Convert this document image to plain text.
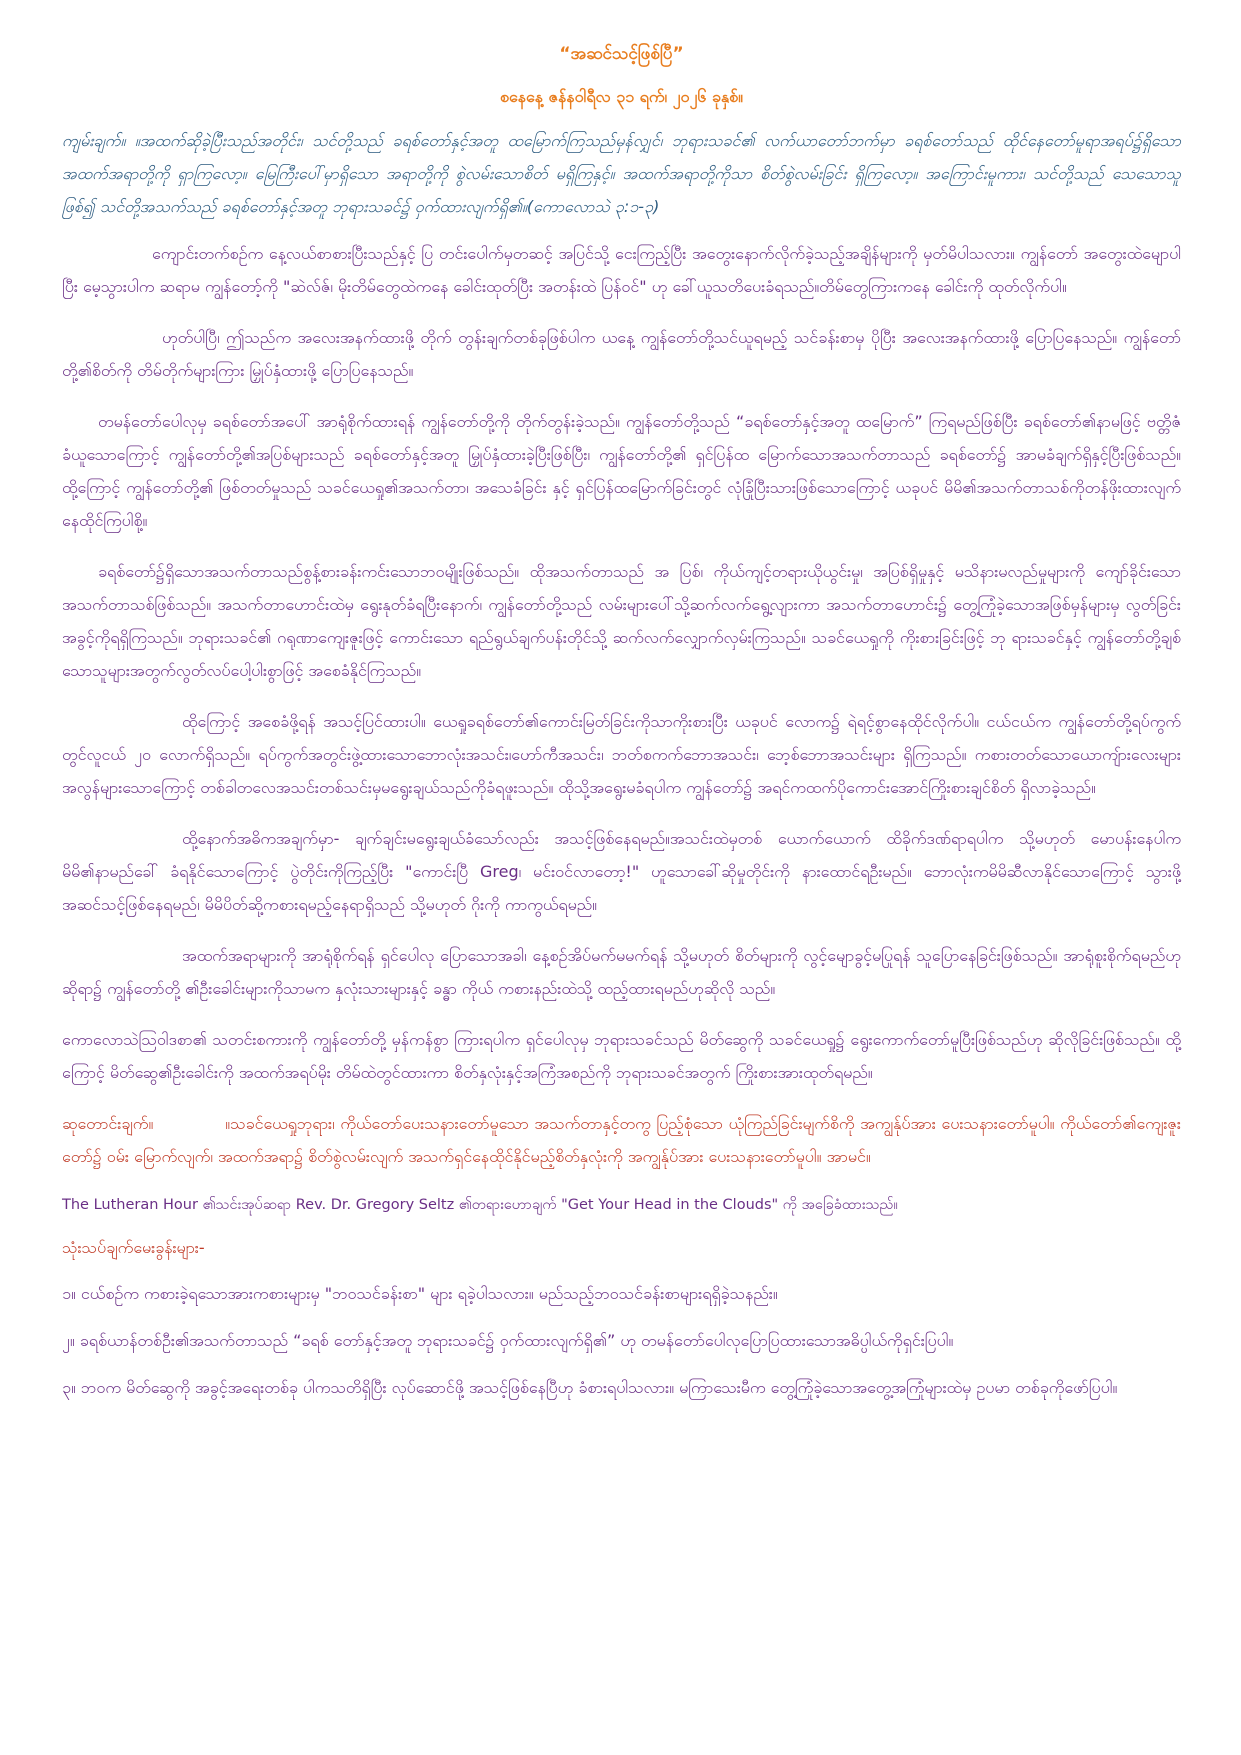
“အဆင်သင့်ဖြစ်ပြီ”
စနေနေ့ ဇန်နဝါရီလ ၃၁ ရက်၊ ၂၀၂၆ ခုနှစ်။

ကျမ်းချက်။ ။အထက်ဆိုခဲ့ပြီးသည်အတိုင်း၊ သင်တို့သည် ခရစ်တော်နှင့်အတူ ထမြောက်ကြသည်မှန်လျှင်၊ ဘုရားသခင်၏ လက်ယာတော်ဘက်မှာ ခရစ်တော်သည် ထိုင်နေတော်မူရာအရပ်၌ရှိသော အထက်အရာတို့ကို ရှာကြလော့။ မြေကြီးပေါ်မှာရှိသော အရာတို့ကို စွဲလမ်းသောစိတ် မရှိကြနှင့်။ အထက်အရာတို့ကိုသာ စိတ်စွဲလမ်းခြင်း ရှိကြလော့။ အကြောင်းမူကား၊ သင်တို့သည် သေသောသူဖြစ်၍ သင်တို့အသက်သည် ခရစ်တော်နှင့်အတူ ဘုရားသခင်၌ ဝှက်ထားလျက်ရှိ၏။(ကောလောသဲ ၃:၁-၃)

ကျောင်းတက်စဉ်က နေ့လယ်စာစားပြီးသည်နှင့် ပြ တင်းပေါက်မှတဆင့် အပြင်သို့ ငေးကြည့်ပြီး အတွေးနောက်လိုက်ခဲ့သည့်အချိန်များကို မှတ်မိပါသလား။ ကျွန်တော် အတွေးထဲမျောပါပြီး မေ့သွားပါက ဆရာမ ကျွန်တော့်ကို "ဆဲလ်ဇ်၊ မိုးတိမ်တွေထဲကနေ ခေါင်းထုတ်ပြီး အတန်းထဲ ပြန်ဝင်" ဟု ခေါ်ယူသတိပေးခံရသည်။တိမ်တွေကြားကနေ ခေါင်းကို ထုတ်လိုက်ပါ။

ဟုတ်ပါပြီ၊ ဤသည်က အလေးအနက်ထားဖို့ တိုက် တွန်းချက်တစ်ခုဖြစ်ပါက ယနေ့ ကျွန်တော်တို့သင်ယူရမည့် သင်ခန်းစာမှ ပိုပြီး အလေးအနက်ထားဖို့ ပြောပြနေသည်။ ကျွန်တော်တို့၏စိတ်ကို တိမ်တိုက်များကြား မြှုပ်နှံထားဖို့ ပြောပြနေသည်။

တမန်တော်ပေါလုမှ ခရစ်တော်အပေါ် အာရုံစိုက်ထားရန် ကျွန်တော်တို့ကို တိုက်တွန်းခဲ့သည်။ ကျွန်တော်တို့သည် “ခရစ်တော်နှင့်အတူ ထမြောက်” ကြရမည်ဖြစ်ပြီး ခရစ်တော်၏နာမဖြင့် ဗတ္တိဇံခံယူသောကြောင့် ကျွန်တော်တို့၏အပြစ်များသည် ခရစ်တော်နှင့်အတူ မြှုပ်နှံထားခဲ့ပြီးဖြစ်ပြီး၊ ကျွန်တော်တို့၏ ရှင်ပြန်ထ မြောက်သောအသက်တာသည် ခရစ်တော်၌ အာမခံချက်ရှိနှင့်ပြီးဖြစ်သည်။ ထို့ကြောင့် ကျွန်တော်တို့၏ ဖြစ်တတ်မှုသည် သခင်ယေရှု၏အသက်တာ၊ အသေခံခြင်း နှင့် ရှင်ပြန်ထမြောက်ခြင်းတွင် လုံခြုံပြီးသားဖြစ်သောကြောင့် ယခုပင် မိမိ၏အသက်တာသစ်ကိုတန်ဖိုးထားလျက် နေထိုင်ကြပါစို့။

ခရစ်တော်၌ရှိသောအသက်တာသည်စွန့်စားခန်းကင်းသောဘဝမျိုးဖြစ်သည်။ ထိုအသက်တာသည် အ ပြစ်၊ ကိုယ်ကျင့်တရားယိုယွင်းမှု၊ အပြစ်ရှိမှုနှင့် မသိနားမလည်မှုများကို ကျော်ခိုင်းသောအသက်တာသစ်ဖြစ်သည်။ အသက်တာဟောင်းထဲမှ ရွေးနုတ်ခံရပြီးနောက်၊ ကျွန်တော်တို့သည် လမ်းများပေါ်သို့ဆက်လက်ရွေ့လျားကာ အသက်တာဟောင်း၌ တွေ့ကြုံခဲ့သောအဖြစ်မှန်များမှ လွတ်ခြင်းအခွင့်ကိုရရှိကြသည်။ ဘုရားသခင်၏ ဂရုဏာကျေးဇူးဖြင့် ကောင်းသော ရည်ရွယ်ချက်ပန်းတိုင်သို့ ဆက်လက်လျှောက်လှမ်းကြသည်။ သခင်ယေရှုကို ကိုးစားခြင်းဖြင့် ဘု ရားသခင်နှင့် ကျွန်တော်တို့ချစ်သောသူများအတွက်လွတ်လပ်ပေါ့ပါးစွာဖြင့် အစေခံနိုင်ကြသည်။

ထိုကြောင့် အစေခံဖို့ရန် အသင့်ပြင်ထားပါ။ ယေရှုခရစ်တော်၏ကောင်းမြတ်ခြင်းကိုသာကိုးစားပြီး ယခုပင် လောက၌ ရဲရင့်စွာနေထိုင်လိုက်ပါ။ ငယ်ငယ်က ကျွန်တော်တို့ရပ်ကွက်တွင်လူငယ် ၂၀ လောက်ရှိသည်။ ရပ်ကွက်အတွင်းဖွဲ့ထားသောဘောလုံးအသင်း၊ဟော်ကီအသင်း၊ ဘတ်စကက်ဘောအသင်း၊ ဘေ့စ်ဘောအသင်းများ ရှိကြသည်။ ကစားတတ်သောယောကျ်ားလေးများအလွန်များသောကြောင့် တစ်ခါတလေအသင်းတစ်သင်းမှမရွေးချယ်သည်ကိုခံရဖူးသည်။ ထိုသို့အရွေးမခံရပါက ကျွန်တော်၌ အရင်ကထက်ပိုကောင်းအောင်ကြိုးစားချင်စိတ် ရှိလာခဲ့သည်။

ထို့နောက်အဓိကအချက်မှာ- ချက်ချင်းမရွေးချယ်ခံသော်လည်း အသင့်ဖြစ်နေရမည်။အသင်းထဲမှတစ် ယောက်ယောက် ထိခိုက်ဒဏ်ရာရပါက သို့မဟုတ် မောပန်းနေပါက မိမိ၏နာမည်ခေါ် ခံရနိုင်သောကြောင့် ပွဲတိုင်းကိုကြည့်ပြီး "ကောင်းပြီ Greg၊ မင်းဝင်လာတော့!" ဟူသောခေါ်ဆိုမှုတိုင်းကို နားထောင်ရဦးမည်။ ဘောလုံးကမိမိဆီလာနိုင်သောကြောင့် သွားဖို့ အဆင်သင့်ဖြစ်နေရမည်၊ မိမိပိတ်ဆို့ကစားရမည့်နေရာရှိသည် သို့မဟုတ် ဂိုးကို ကာကွယ်ရမည်။

အထက်အရာများကို အာရုံစိုက်ရန် ရှင်ပေါလု ပြောသောအခါ၊ နေ့စဉ်အိပ်မက်မမက်ရန် သို့မဟုတ် စိတ်များကို လွင့်မျောခွင့်မပြုရန် သူပြောနေခြင်းဖြစ်သည်။ အာရုံစူးစိုက်ရမည်ဟု ဆိုရာ၌ ကျွန်တော်တို့ ၏ဦးခေါင်းများကိုသာမက နှလုံးသားများနှင့် ခန္ဓာ ကိုယ် ကစားနည်းထဲသို့ ထည့်ထားရမည်ဟုဆိုလို သည်။

ကောလောသဲဩဝါဒစာ၏ သတင်းစကားကို ကျွန်တော်တို့ မှန်ကန်စွာ ကြားရပါက ရှင်ပေါလုမှ ဘုရားသခင်သည် မိတ်ဆွေကို သခင်ယေရှု၌ ရွေးကောက်တော်မူပြီးဖြစ်သည်ဟု ဆိုလိုခြင်းဖြစ်သည်။ ထို့ ကြောင့် မိတ်ဆွေ၏ဦးခေါင်းကို အထက်အရပ်မိုး တိမ်ထဲတွင်ထားကာ စိတ်နှလုံးနှင့်အကြံအစည်ကို ဘုရားသခင်အတွက် ကြိုးစားအားထုတ်ရမည်။

ဆုတောင်းချက်။	။သခင်ယေရှုဘုရား၊ ကိုယ်တော်ပေးသနားတော်မူသော အသက်တာနှင့်တကွ ပြည့်စုံသော ယုံကြည်ခြင်းမျက်စိကို အကျွန်ုပ်အား ပေးသနားတော်မူပါ။ ကိုယ်တော်၏ကျေးဇူးတော်၌ ဝမ်း မြောက်လျက်၊ အထက်အရာ၌ စိတ်စွဲလမ်းလျက် အသက်ရှင်နေထိုင်နိုင်မည့်စိတ်နှလုံးကို အကျွန်ုပ်အား ပေးသနားတော်မူပါ။ အာမင်။

The Lutheran Hour ၏သင်းအုပ်ဆရာ Rev. Dr. Gregory Seltz ၏တရားဟောချက် "Get Your Head in the Clouds" ကို အခြေခံထားသည်။

သုံးသပ်ချက်မေးခွန်းများ-

၁။ ငယ်စဉ်က ကစားခဲ့ရသောအားကစားများမှ "ဘဝသင်ခန်းစာ" များ ရခဲ့ပါသလား။ မည်သည့်ဘဝသင်ခန်းစာများရရှိခဲ့သနည်း။

၂။ ခရစ်ယာန်တစ်ဦး၏အသက်တာသည် “ခရစ် တော်နှင့်အတူ ဘုရားသခင်၌ ဝှက်ထားလျက်ရှိ၏” ဟု တမန်တော်ပေါလုပြောပြထားသောအဓိပ္ပါယ်ကိုရှင်းပြပါ။

၃။ ဘဝက မိတ်ဆွေကို အခွင့်အရေးတစ်ခု ပါကသတိရှိပြီး လုပ်ဆောင်ဖို့ အသင့်ဖြစ်နေပြီဟု ခံစားရပါသလား။ မကြာသေးမီက တွေ့ကြုံခဲ့သောအတွေ့အကြုံများထဲမှ ဥပမာ တစ်ခုကိုဖော်ပြပါ။
